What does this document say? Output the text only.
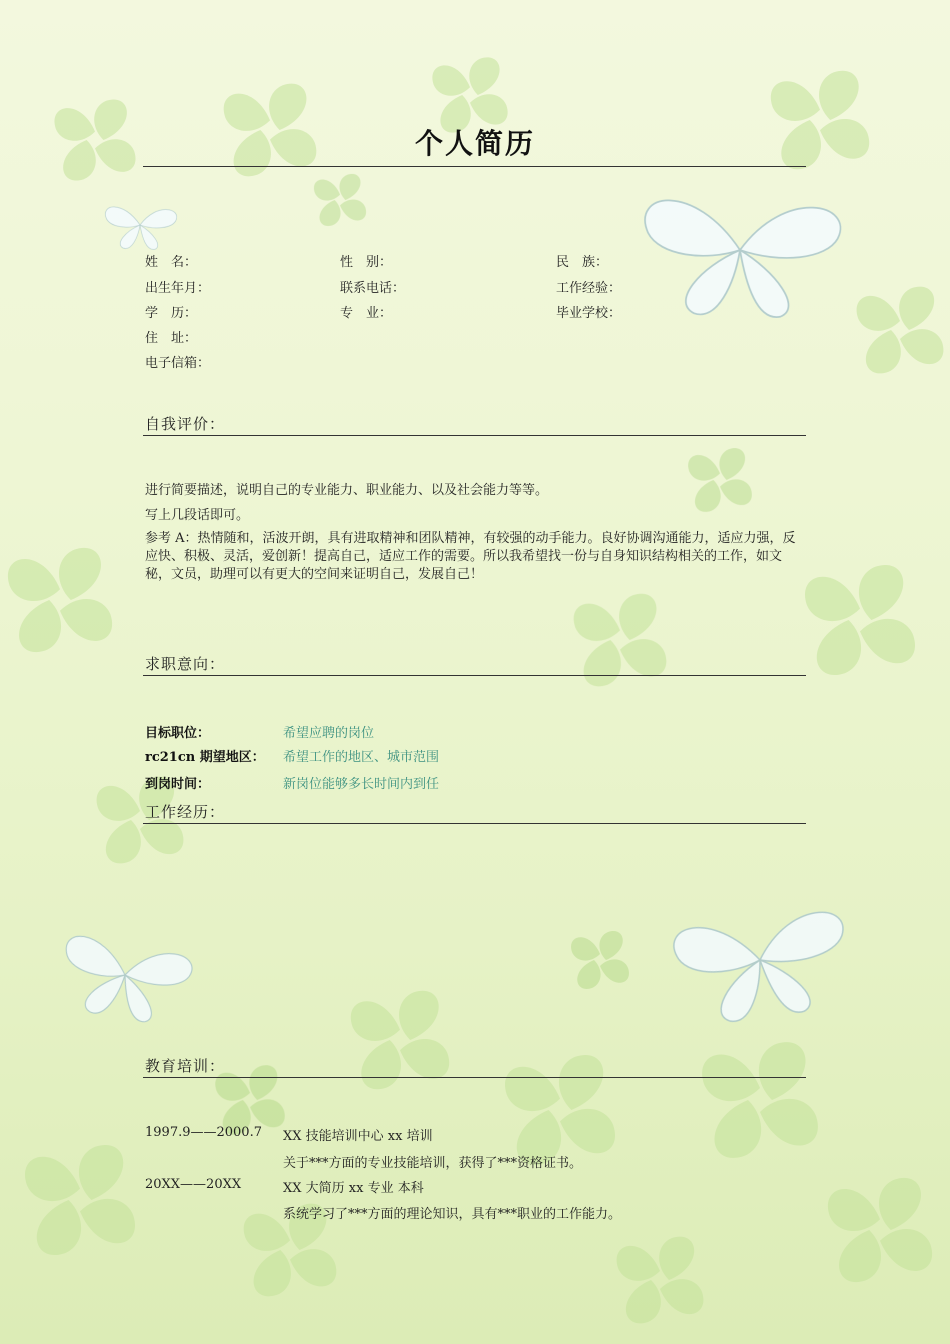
个人简历
姓　名：	性　别：	民　族：
出生年月：	联系电话：	工作经验：
学　历：	专　业：	毕业学校：
住　址：
电子信箱：
自我评价：
进行简要描述，说明自己的专业能力、职业能力、以及社会能力等等。
写上几段话即可。
参考 A：热情随和，活波开朗，具有进取精神和团队精神，有较强的动手能力。良好协调沟通能力，适应力强，反应快、积极、灵活，爱创新！提高自己，适应工作的需要。所以我希望找一份与自身知识结构相关的工作，如文秘，文员，助理可以有更大的空间来证明自己，发展自己！
求职意向：
目标职位：	希望应聘的岗位
rc21cn 期望地区： 希望工作的地区、城市范围
到岗时间：	新岗位能够多长时间内到任
工作经历：
教育培训：
1997.9——2000.7 XX 技能培训中心 xx 培训
关于***方面的专业技能培训，获得了***资格证书。
20XX——20XX	XX 大简历 xx 专业 本科
系统学习了***方面的理论知识，具有***职业的工作能力。
